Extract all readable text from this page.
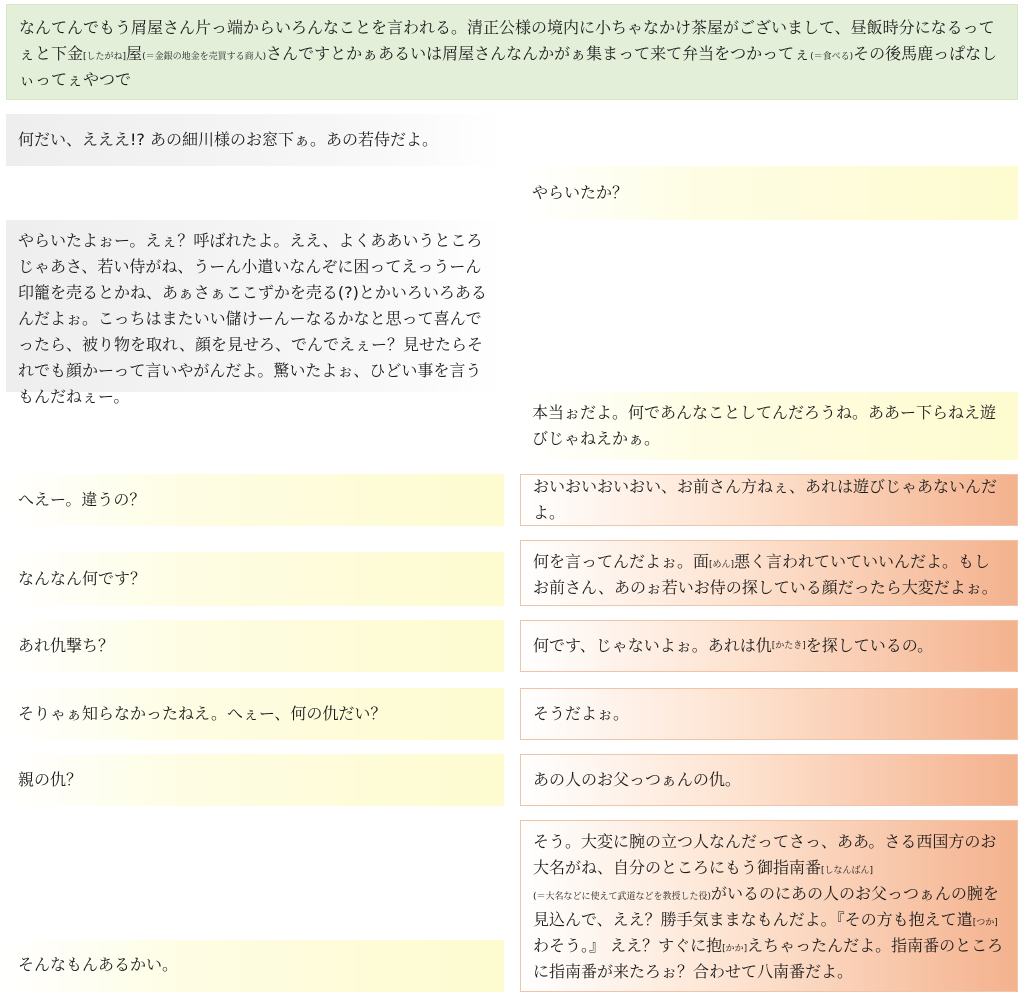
なんてんでもう屑屋さん片っ端からいろんなことを言われる。清正公様の境内に小ちゃなかけ茶屋がございまして、昼飯時分になるってぇと下金[したがね]屋(＝金銀の地金を売買する商人)さんですとかぁあるいは屑屋さんなんかがぁ集まって来て弁当をつかってぇ(＝食べる)その後馬鹿っぱなしぃってぇやつで
何だい、えええ!? あの細川様のお窓下ぁ。あの若侍だよ。
やらいたか？
やらいたよぉー。えぇ？呼ばれたよ。ええ、よくああいうところじゃあさ、若い侍がね、うーん小遣いなんぞに困ってえっうーん印籠を売るとかね、あぁさぁここずかを売る(?)とかいろいろあるんだよぉ。こっちはまたいい儲けーんーなるかなと思って喜んでったら、被り物を取れ、顔を見せろ、でんでえぇー？見せたらそれでも顔かーって言いやがんだよ。驚いたよぉ、ひどい事を言うもんだねぇー。
本当ぉだよ。何であんなことしてんだろうね。ああー下らねえ遊びじゃねえかぁ。
へえー。違うの？
おいおいおいおい、お前さん方ねぇ、あれは遊びじゃあないんだよ。
何を言ってんだよぉ。面[めん]悪く言われていていいんだよ。もしお前さん、あのぉ若いお侍の探している顔だったら大変だよぉ。
なんなん何です？
何です、じゃないよぉ。あれは仇 [かたき] を探しているの。
あれ仇撃ち？
そうだよぉ。
そりゃぁ知らなかったねえ。へぇー、何の仇だい？
あの人のお父っつぁんの仇。
親の仇？
そう。大変に腕の立つ人なんだってさっ、ああ。さる西国方のお大名がね、自分のところにもう御指南番[しなんばん]
(＝大名などに使えて武道などを教授した役)がいるのにあの人のお父っつぁんの腕を見込んで、ええ？勝手気ままなもんだよ。『その方も抱えて遣[つか]わそう。』 ええ？すぐに抱[かか]えちゃったんだよ。指南番のところに指南番が来たろぉ？合わせて八南番だよ。
そんなもんあるかい。
